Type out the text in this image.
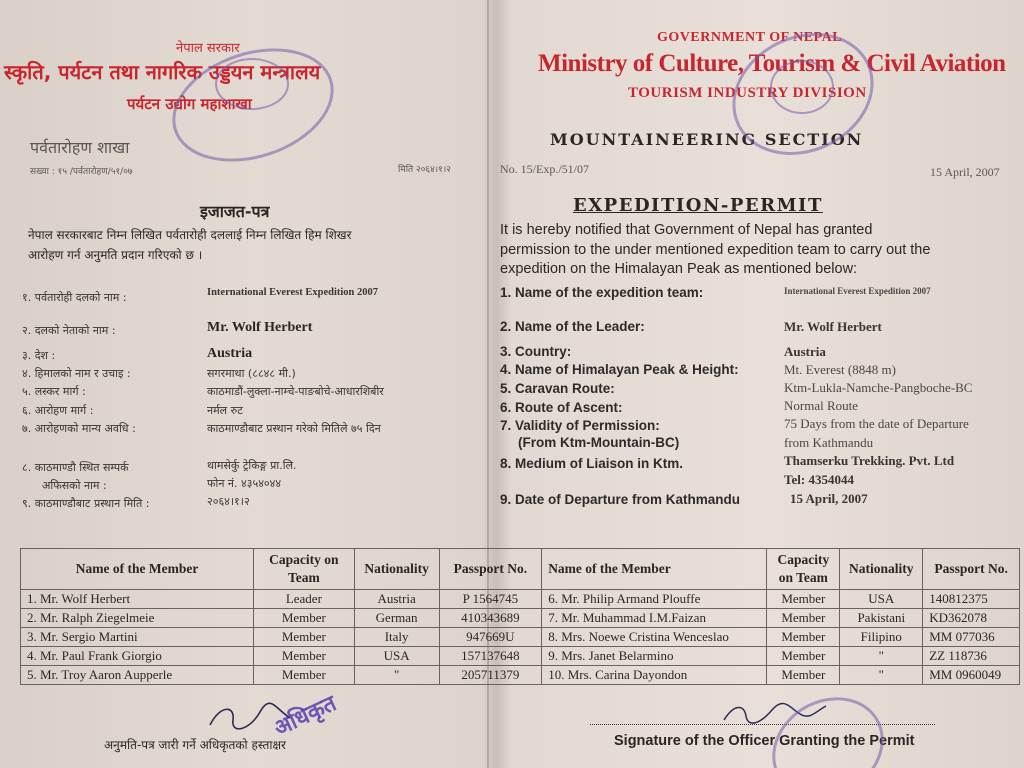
नेपाल सरकार
स्कृति, पर्यटन तथा नागरिक उड्डयन मन्त्रालय
पर्यटन उद्योग महाशाखा
पर्वतारोहण शाखा
सख्या : १५ /पर्वतारोहण/५१/०७	मिति २०६४।१।२
इजाजत-पत्र
नेपाल सरकारबाट निम्न लिखित पर्वतारोही दललाई निम्न लिखित हिम शिखर
आरोहण गर्न अनुमति प्रदान गरिएको छ ।
१. पर्वतारोही दलको नाम :	International Everest Expedition 2007
२. दलको नेताको नाम :	Mr. Wolf Herbert
३. देश :	Austria
४. हिमालको नाम र उचाइ :	सगरमाथा (८८४८ मी.)
५. लस्कर मार्ग :	काठमाडौं-लुक्ला-नाम्चे-पाङबोचे-आधारशिबीर
६. आरोहण मार्ग :	नर्मल रुट
७. आरोहणको मान्य अवधि :	काठमाण्डौबाट प्रस्थान गरेको मितिले ७५ दिन
८. काठमाण्डौ स्थित सम्पर्क	थामसेर्कु ट्रेकिङ्ग प्रा.लि.
अफिसको नाम :	फोन नं. ४३५४०४४
९. काठमाण्डौबाट प्रस्थान मिति :	२०६४।१।२
GOVERNMENT OF NEPAL
Ministry of Culture, Tourism & Civil Aviation
TOURISM INDUSTRY DIVISION
MOUNTAINEERING SECTION
No. 15/Exp./51/07	15 April, 2007
EXPEDITION-PERMIT
It is hereby notified that Government of Nepal has granted
permission to the under mentioned expedition team to carry out the
expedition on the Himalayan Peak as mentioned below:
1. Name of the expedition team:	International Everest Expedition 2007
2. Name of the Leader:	Mr. Wolf Herbert
3. Country:	Austria
4. Name of Himalayan Peak & Height:	Mt. Everest (8848 m)
5. Caravan Route:	Ktm-Lukla-Namche-Pangboche-BC
6. Route of Ascent:	Normal Route
7. Validity of Permission:	75 Days from the date of Departure
(From Ktm-Mountain-BC)	from Kathmandu
8. Medium of Liaison in Ktm.	Thamserku Trekking. Pvt. Ltd
Tel: 4354044
9. Date of Departure from Kathmandu	15 April, 2007
Name of the Member	Capacity on Team	Nationality	Passport No.	Name of the Member	Capacity on Team	Nationality	Passport No.
1. Mr. Wolf Herbert	Leader	Austria	P 1564745	6. Mr. Philip Armand Plouffe	Member	USA	140812375
2. Mr. Ralph Ziegelmeie	Member	German	410343689	7. Mr. Muhammad I.M.Faizan	Member	Pakistani	KD362078
3. Mr. Sergio Martini	Member	Italy	947669U	8. Mrs. Noewe Cristina Wenceslao	Member	Filipino	MM 077036
4. Mr. Paul Frank Giorgio	Member	USA	157137648	9. Mrs. Janet Belarmino	Member	"	ZZ 118736
5. Mr. Troy Aaron Aupperle	Member	"	205711379	10. Mrs. Carina Dayondon	Member	"	MM 0960049
अनुमति-पत्र जारी गर्ने अधिकृतको हस्ताक्षर
अधिकृत	Signature of the Officer Granting the Permit
